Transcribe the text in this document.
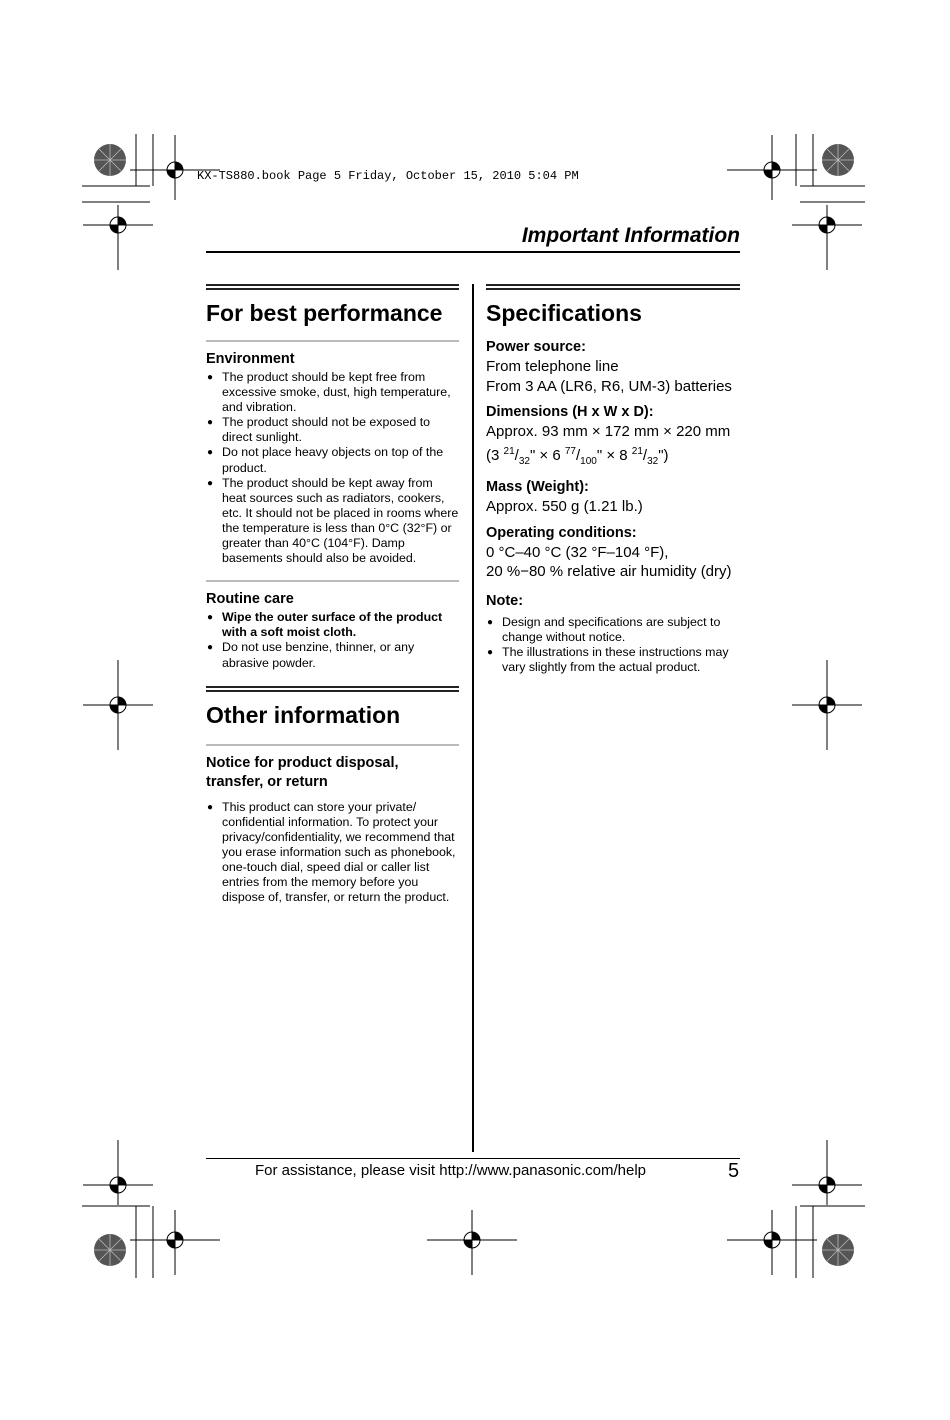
KX-TS880.book Page 5 Friday, October 15, 2010 5:04 PM
Important Information
For best performance
Environment
● The product should be kept free from excessive smoke, dust, high temperature, and vibration.
● The product should not be exposed to direct sunlight.
● Do not place heavy objects on top of the product.
● The product should be kept away from heat sources such as radiators, cookers, etc. It should not be placed in rooms where the temperature is less than 0°C (32°F) or greater than 40°C (104°F). Damp basements should also be avoided.
Routine care
● Wipe the outer surface of the product with a soft moist cloth.
● Do not use benzine, thinner, or any abrasive powder.
Other information
Notice for product disposal, transfer, or return
● This product can store your private/ confidential information. To protect your privacy/confidentiality, we recommend that you erase information such as phonebook, one-touch dial, speed dial or caller list entries from the memory before you dispose of, transfer, or return the product.
Specifications
Power source:
From telephone line
From 3 AA (LR6, R6, UM-3) batteries
Dimensions (H x W x D):
Approx. 93 mm × 172 mm × 220 mm
(3 $^{21}/_{32}$" × 6 $^{77}/_{100}$" × 8 $^{21}/_{32}$")
Mass (Weight):
Approx. 550 g (1.21 lb.)
Operating conditions:
0 °C–40 °C (32 °F–104 °F),
20 %−80 % relative air humidity (dry)
Note:
● Design and specifications are subject to change without notice.
● The illustrations in these instructions may vary slightly from the actual product.
For assistance, please visit http://www.panasonic.com/help	5
